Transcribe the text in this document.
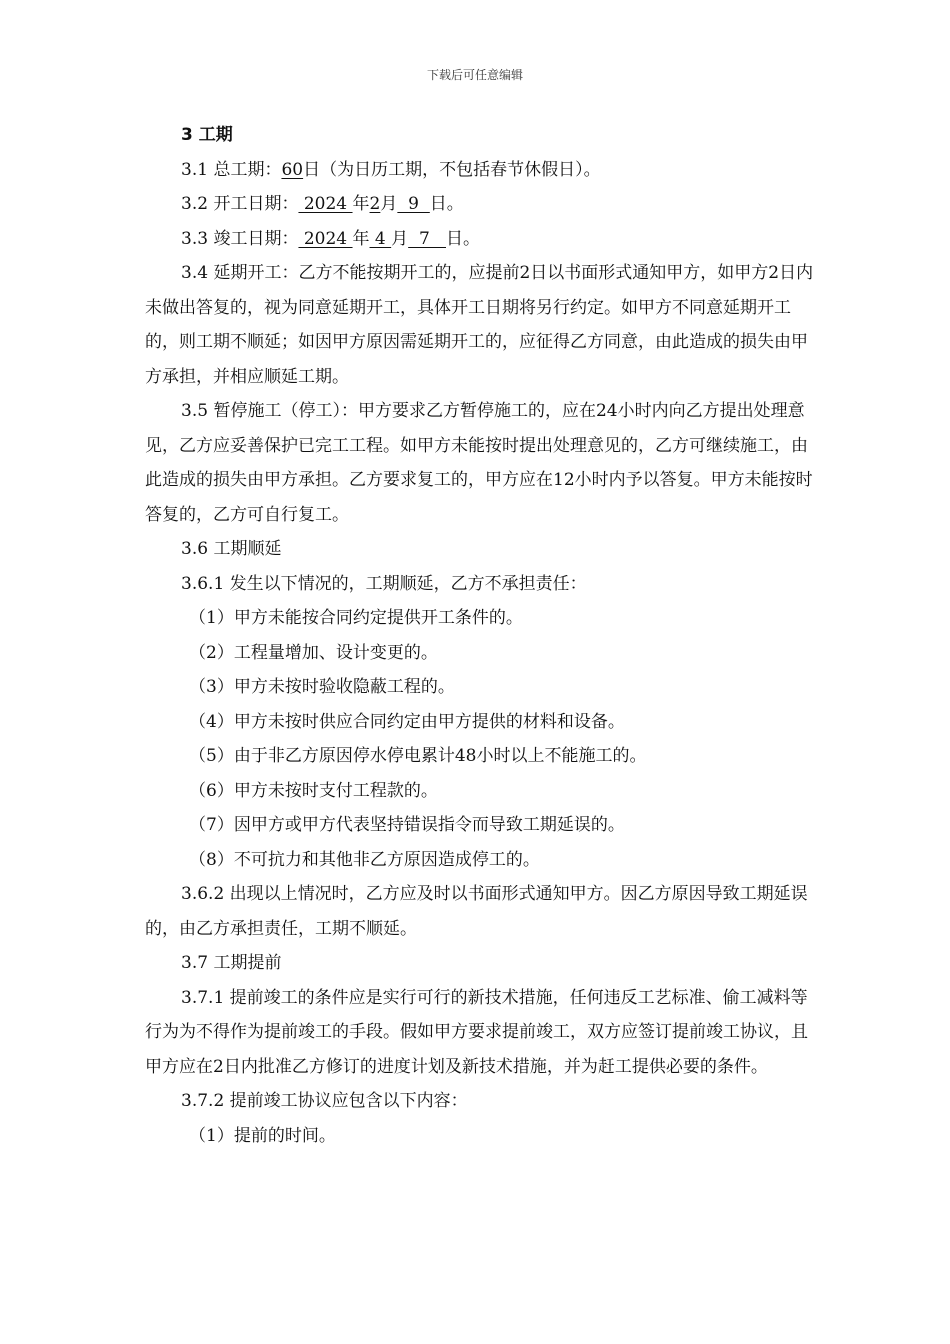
下载后可任意编辑

3 工期

3.1 总工期：60日（为日历工期，不包括春节休假日）。

3.2 开工日期： 2024 年2月  9  日。

3.3 竣工日期： 2024 年 4 月  7   日。

3.4 延期开工：乙方不能按期开工的，应提前2日以书面形式通知甲方，如甲方2日内未做出答复的，视为同意延期开工，具体开工日期将另行约定。如甲方不同意延期开工的，则工期不顺延；如因甲方原因需延期开工的，应征得乙方同意，由此造成的损失由甲方承担，并相应顺延工期。

3.5 暂停施工（停工）：甲方要求乙方暂停施工的，应在24小时内向乙方提出处理意见，乙方应妥善保护已完工工程。如甲方未能按时提出处理意见的，乙方可继续施工，由此造成的损失由甲方承担。乙方要求复工的，甲方应在12小时内予以答复。甲方未能按时答复的，乙方可自行复工。

3.6 工期顺延

3.6.1 发生以下情况的，工期顺延，乙方不承担责任：

（1）甲方未能按合同约定提供开工条件的。

（2）工程量增加、设计变更的。

（3）甲方未按时验收隐蔽工程的。

（4）甲方未按时供应合同约定由甲方提供的材料和设备。

（5）由于非乙方原因停水停电累计48小时以上不能施工的。

（6）甲方未按时支付工程款的。

（7）因甲方或甲方代表坚持错误指令而导致工期延误的。

（8）不可抗力和其他非乙方原因造成停工的。

3.6.2 出现以上情况时，乙方应及时以书面形式通知甲方。因乙方原因导致工期延误的，由乙方承担责任，工期不顺延。

3.7 工期提前

3.7.1 提前竣工的条件应是实行可行的新技术措施，任何违反工艺标准、偷工减料等行为为不得作为提前竣工的手段。假如甲方要求提前竣工，双方应签订提前竣工协议，且甲方应在2日内批准乙方修订的进度计划及新技术措施，并为赶工提供必要的条件。

3.7.2 提前竣工协议应包含以下内容：

（1）提前的时间。
